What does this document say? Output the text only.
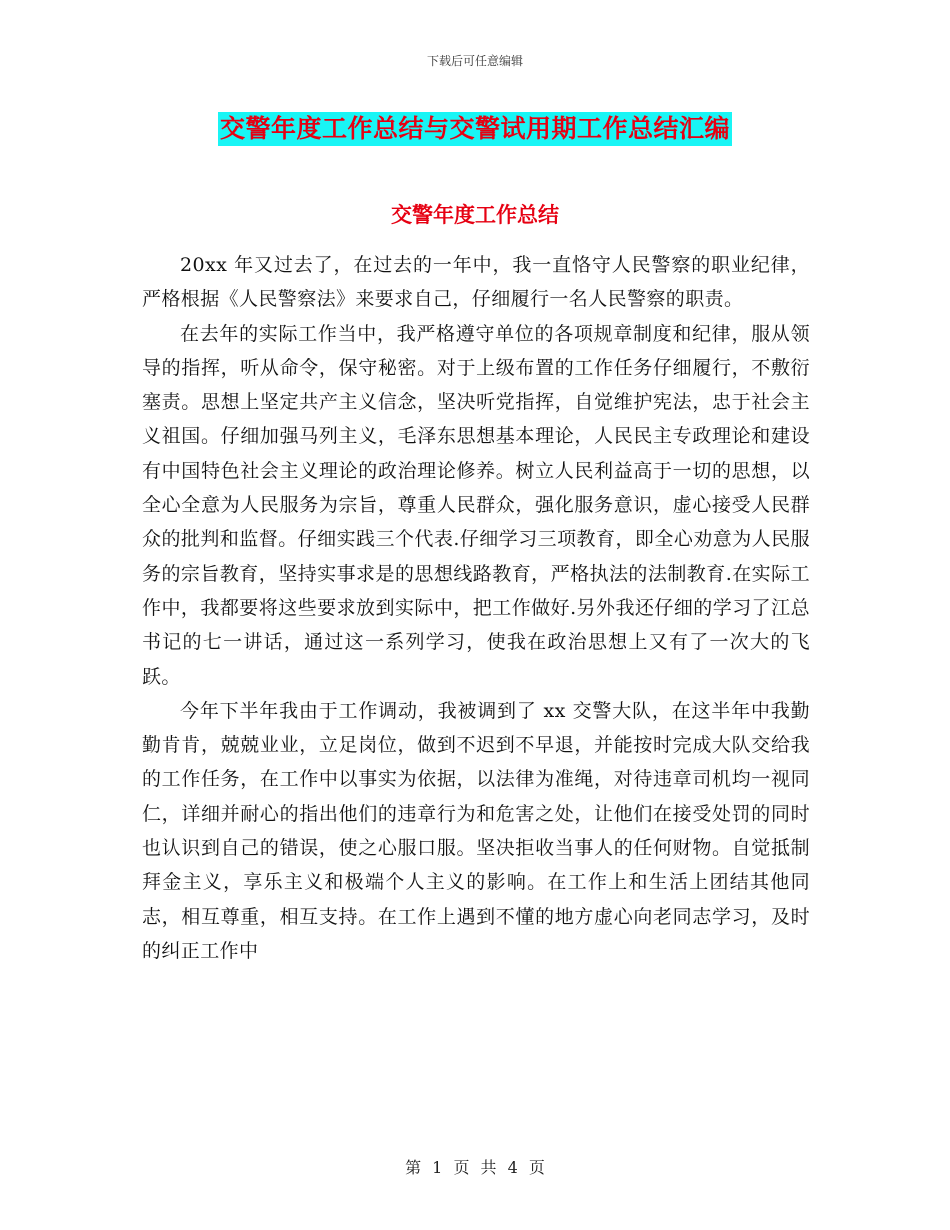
下载后可任意编辑
交警年度工作总结与交警试用期工作总结汇编
交警年度工作总结

20xx 年又过去了，在过去的一年中，我一直恪守人民警察的职业纪律，严格根据《人民警察法》来要求自己，仔细履行一名人民警察的职责。

在去年的实际工作当中，我严格遵守单位的各项规章制度和纪律，服从领导的指挥，听从命令，保守秘密。对于上级布置的工作任务仔细履行，不敷衍塞责。思想上坚定共产主义信念，坚决听党指挥，自觉维护宪法，忠于社会主义祖国。仔细加强马列主义，毛泽东思想基本理论，人民民主专政理论和建设有中国特色社会主义理论的政治理论修养。树立人民利益高于一切的思想，以全心全意为人民服务为宗旨，尊重人民群众，强化服务意识，虚心接受人民群众的批判和监督。仔细实践三个代表.仔细学习三项教育，即全心劝意为人民服务的宗旨教育，坚持实事求是的思想线路教育，严格执法的法制教育.在实际工作中，我都要将这些要求放到实际中，把工作做好.另外我还仔细的学习了江总书记的七一讲话，通过这一系列学习，使我在政治思想上又有了一次大的飞跃。

今年下半年我由于工作调动，我被调到了 xx 交警大队，在这半年中我勤勤肯肯，兢兢业业，立足岗位，做到不迟到不早退，并能按时完成大队交给我的工作任务，在工作中以事实为依据，以法律为准绳，对待违章司机均一视同仁，详细并耐心的指出他们的违章行为和危害之处，让他们在接受处罚的同时也认识到自己的错误，使之心服口服。坚决拒收当事人的任何财物。自觉抵制拜金主义，享乐主义和极端个人主义的影响。在工作上和生活上团结其他同志，相互尊重，相互支持。在工作上遇到不懂的地方虚心向老同志学习，及时的纠正工作中

第 1 页 共 4 页
